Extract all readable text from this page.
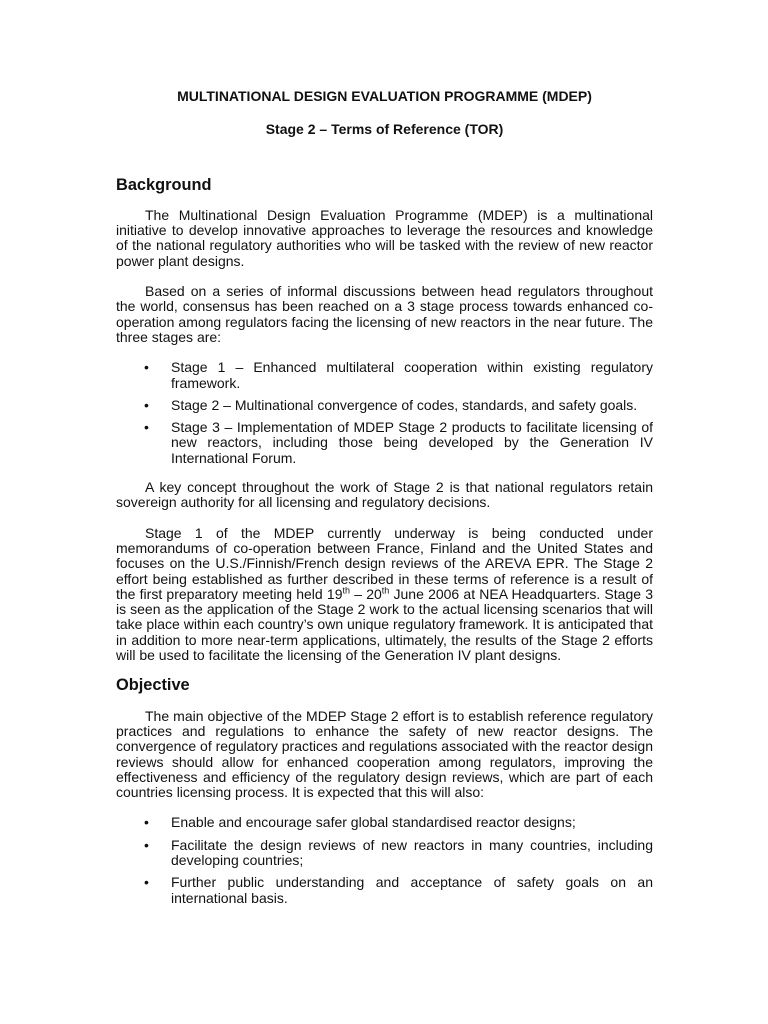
MULTINATIONAL DESIGN EVALUATION PROGRAMME (MDEP)
Stage 2 – Terms of Reference (TOR)
Background

The Multinational Design Evaluation Programme (MDEP) is a multinational initiative to develop innovative approaches to leverage the resources and knowledge of the national regulatory authorities who will be tasked with the review of new reactor power plant designs.

Based on a series of informal discussions between head regulators throughout the world, consensus has been reached on a 3 stage process towards enhanced co-operation among regulators facing the licensing of new reactors in the near future. The three stages are:

• Stage 1 – Enhanced multilateral cooperation within existing regulatory framework.
• Stage 2 – Multinational convergence of codes, standards, and safety goals.
• Stage 3 – Implementation of MDEP Stage 2 products to facilitate licensing of new reactors, including those being developed by the Generation IV International Forum.

A key concept throughout the work of Stage 2 is that national regulators retain sovereign authority for all licensing and regulatory decisions.

Stage 1 of the MDEP currently underway is being conducted under memorandums of co-operation between France, Finland and the United States and focuses on the U.S./Finnish/French design reviews of the AREVA EPR. The Stage 2 effort being established as further described in these terms of reference is a result of the first preparatory meeting held 19th – 20th June 2006 at NEA Headquarters. Stage 3 is seen as the application of the Stage 2 work to the actual licensing scenarios that will take place within each country’s own unique regulatory framework. It is anticipated that in addition to more near-term applications, ultimately, the results of the Stage 2 efforts will be used to facilitate the licensing of the Generation IV plant designs.

Objective

The main objective of the MDEP Stage 2 effort is to establish reference regulatory practices and regulations to enhance the safety of new reactor designs. The convergence of regulatory practices and regulations associated with the reactor design reviews should allow for enhanced cooperation among regulators, improving the effectiveness and efficiency of the regulatory design reviews, which are part of each countries licensing process. It is expected that this will also:

• Enable and encourage safer global standardised reactor designs;
• Facilitate the design reviews of new reactors in many countries, including developing countries;
• Further public understanding and acceptance of safety goals on an international basis.
